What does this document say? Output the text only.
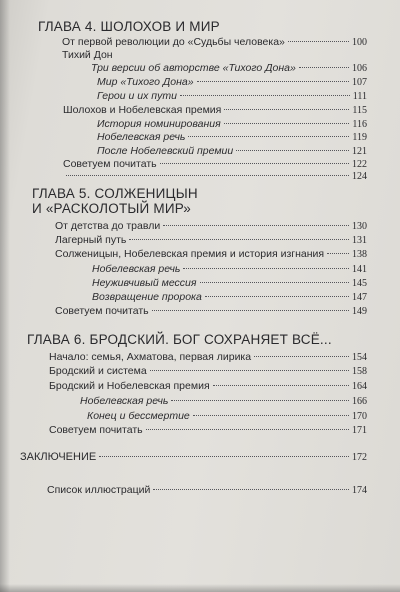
ГЛАВА 4. ШОЛОХОВ И МИР
От первой революции до «Судьбы человека»	100
Тихий Дон
Три версии об авторстве «Тихого Дона»	106
Мир «Тихого Дона»	107
Герои и их пути	111
Шолохов и Нобелевская премия	115
История номинирования	116
Нобелевская речь	119
После Нобелевский премии	121
Советуем почитать	122
124
ГЛАВА 5. СОЛЖЕНИЦЫН
И «РАСКОЛОТЫЙ МИР»
От детства до травли	130
Лагерный путь	131
Солженицын, Нобелевская премия и история изгнания	138
Нобелевская речь	141
Неуживчивый мессия	145
Возвращение пророка	147
Советуем почитать	149
ГЛАВА 6. БРОДСКИЙ. БОГ СОХРАНЯЕТ ВСЁ...
Начало: семья, Ахматова, первая лирика	154
Бродский и система	158
Бродский и Нобелевская премия	164
Нобелевская речь	166
Конец и бессмертие	170
Советуем почитать	171
ЗАКЛЮЧЕНИЕ	172
Список иллюстраций	174
